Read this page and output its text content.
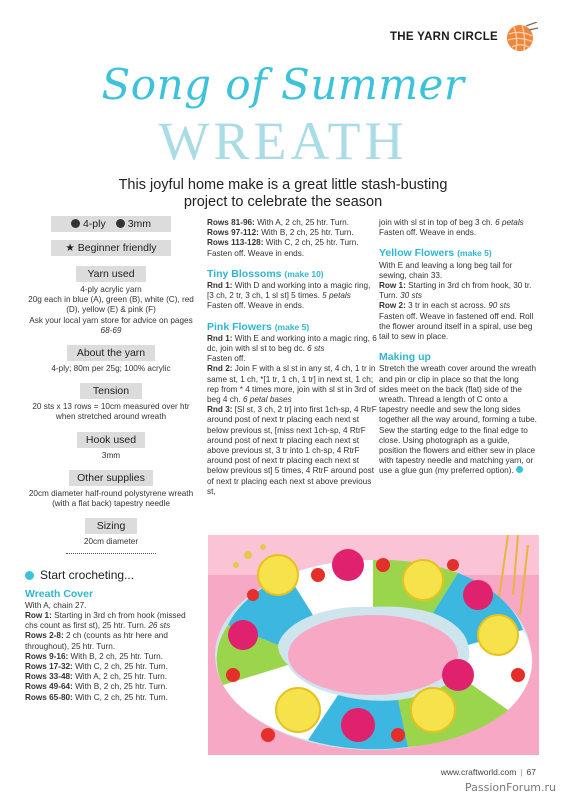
THE YARN CIRCLE
Song of Summer
WREATH
This joyful home make is a great little stash-busting project to celebrate the season
4-ply	3mm
★ Beginner friendly
Yarn used
4-ply acrylic yarn
20g each in blue (A), green (B), white (C), red (D), yellow (E) & pink (F)
Ask your local yarn store for advice on pages 68-69
About the yarn
4-ply; 80m per 25g; 100% acrylic
Tension
20 sts x 13 rows = 10cm measured over htr when stretched around wreath
Hook used
3mm
Other supplies
20cm diameter half-round polystyrene wreath (with a flat back) tapestry needle
Sizing
20cm diameter
Start crocheting...
Wreath Cover

With A, chain 27.

Row 1: Starting in 3rd ch from hook (missed chs count as first st), 25 htr. Turn. 26 sts

Rows 2-8: 2 ch (counts as htr here and throughout), 25 htr. Turn.

Rows 9-16: With B, 2 ch, 25 htr. Turn.

Rows 17-32: With C, 2 ch, 25 htr. Turn.

Rows 33-48: With A, 2 ch, 25 htr. Turn.

Rows 49-64: With B, 2 ch, 25 htr. Turn.

Rows 65-80: With C, 2 ch, 25 htr. Turn.

Rows 81-96: With A, 2 ch, 25 htr. Turn.

Rows 97-112: With B, 2 ch, 25 htr. Turn.

Rows 113-128: With C, 2 ch, 25 htr. Turn.

Fasten off. Weave in ends.

Tiny Blossoms (make 10)

Rnd 1: With D and working into a magic ring, [3 ch, 2 tr, 3 ch, 1 sl st] 5 times. 5 petals

Fasten off. Weave in ends.

Pink Flowers (make 5)

Rnd 1: With E and working into a magic ring, 6 dc, join with sl st to beg dc. 6 sts

Fasten off.

Rnd 2: Join F with a sl st in any st, 4 ch, 1 tr in same st, 1 ch, *[1 tr, 1 ch, 1 tr] in next st, 1 ch; rep from * 4 times more, join with sl st in 3rd of beg 4 ch. 6 petal bases

Rnd 3: [Sl st, 3 ch, 2 tr] into first 1ch-sp, 4 RtrF around post of next tr placing each next st below previous st, [miss next 1ch-sp, 4 RtrF around post of next tr placing each next st above previous st, 3 tr into 1 ch-sp, 4 RtrF around post of next tr placing each next st below previous st] 5 times, 4 RtrF around post of next tr placing each next st above previous st,

join with sl st in top of beg 3 ch. 6 petals

Fasten off. Weave in ends.

Yellow Flowers (make 5)

With E and leaving a long beg tail for sewing, chain 33.

Row 1: Starting in 3rd ch from hook, 30 tr. Turn. 30 sts

Row 2: 3 tr in each st across. 90 sts

Fasten off. Weave in fastened off end. Roll the flower around itself in a spiral, use beg tail to sew in place.

Making up

Stretch the wreath cover around the wreath and pin or clip in place so that the long sides meet on the back (flat) side of the wreath. Thread a length of C onto a tapestry needle and sew the long sides together all the way around, forming a tube. Sew the starting edge to the final edge to close. Using photograph as a guide, position the flowers and either sew in place with tapestry needle and matching yarn, or use a glue gun (my preferred option).

www.craftworld.com | 67
PassionForum.ru
